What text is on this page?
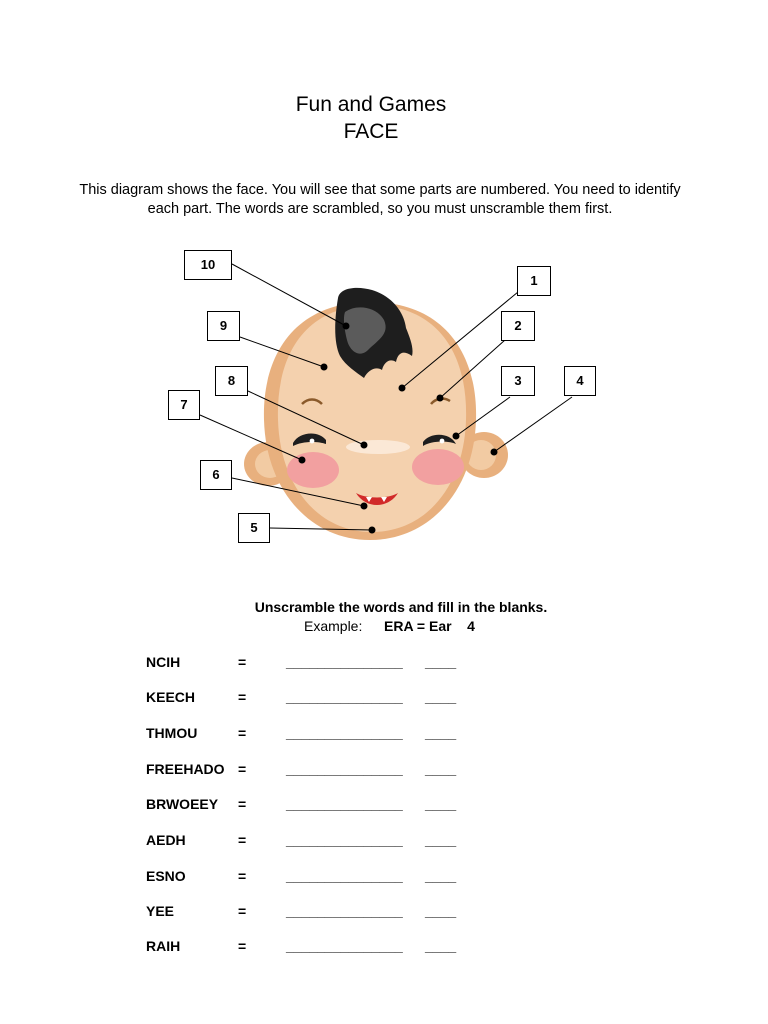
Fun and Games
FACE
This diagram shows the face. You will see that some parts are numbered. You need to identify
each part. The words are scrambled, so you must unscramble them first.
1
2
3	4
5
6
7
8
9
10
Unscramble the words and fill in the blanks.
Example: ERA = Ear    4
NCIH	=	_______________ ____
KEECH	=	_______________ ____
THMOU	=	_______________ ____
FREEHADO =	_______________ ____
BRWOEEY =	_______________ ____
AEDH	=	_______________ ____
ESNO	=	_______________ ____
YEE	=	_______________ ____
RAIH	=	_______________ ____
